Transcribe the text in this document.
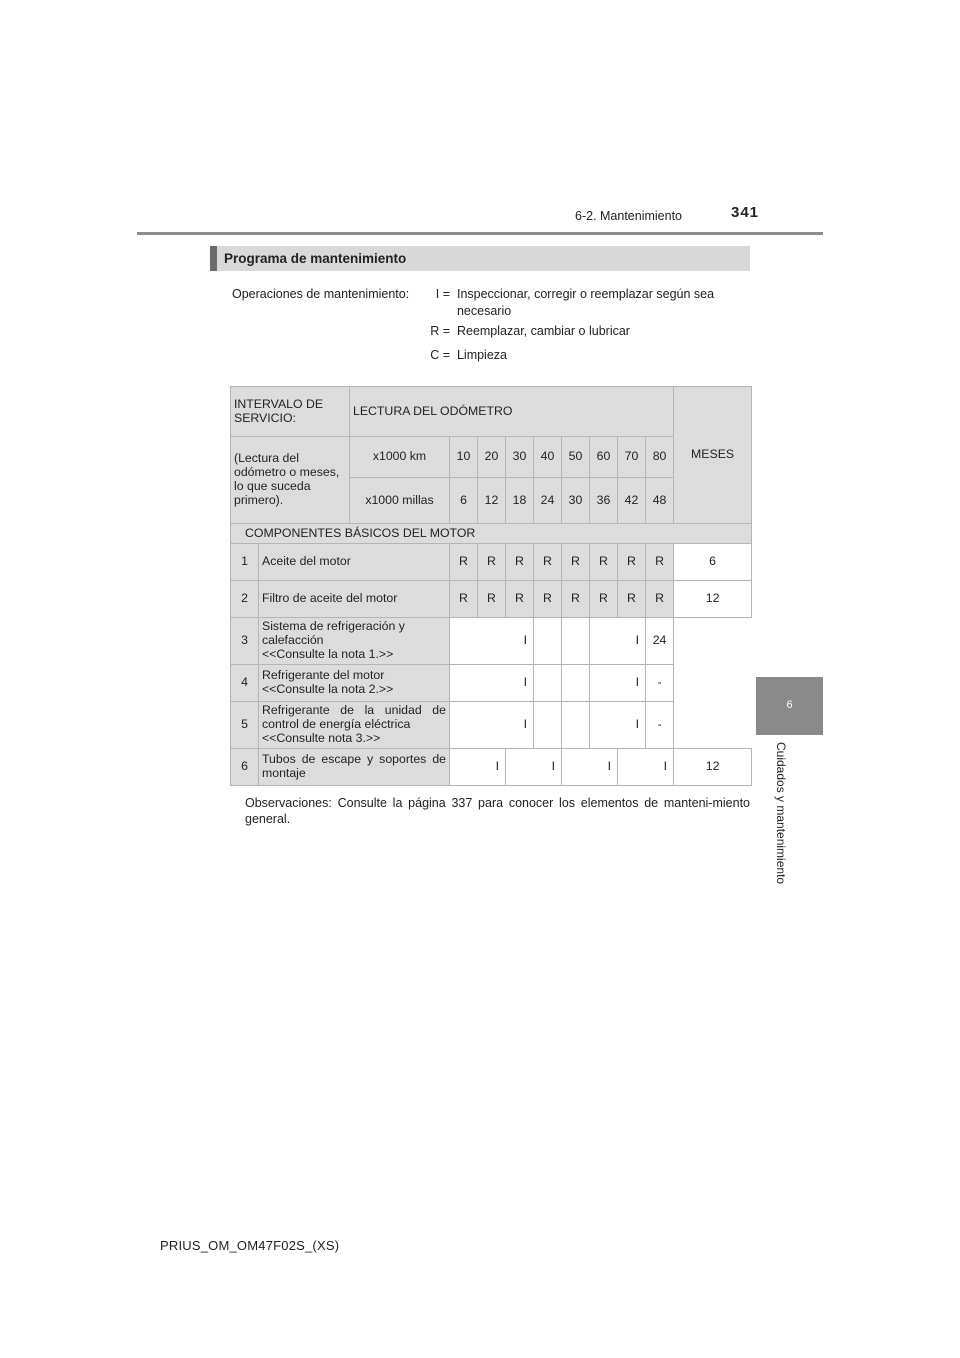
6-2. Mantenimiento	341
6
Cuidados y mantenimiento
Programa de mantenimiento
Operaciones de mantenimiento:	I = Inspeccionar, corregir o reemplazar según sea
necesario
R = Reemplazar, cambiar o lubricar
C = Limpieza
INTERVALO DE SERVICIO:		LECTURA DEL ODÓMETRO									MESES
(Lectura del odómetro o meses, lo que suceda primero).		x1000 km	10	20	30	40	50	60	70	80	
		x1000 millas	6	12	18	24	30	36	42	48	
COMPONENTES BÁSICOS DEL MOTOR											
1	Aceite del motor		R	R	R	R	R	R	R	R	6
2	Filtro de aceite del motor		R	R	R	R	R	R	R	R	12
3	Sistema de refrigeración y calefacción
<<Consulte la nota 1.>>		I					I		24	
4	Refrigerante del motor
<<Consulte la nota 2.>>		I					I		-	
5	Refrigerante de la unidad de control de energía eléctrica
<<Consulte nota 3.>>		I					I		-	
6	Tubos de escape y soportes de montaje		I		I		I		I		12
Observaciones: Consulte la página 337 para conocer los elementos de manteni-miento general.
PRIUS_OM_OM47F02S_(XS)
